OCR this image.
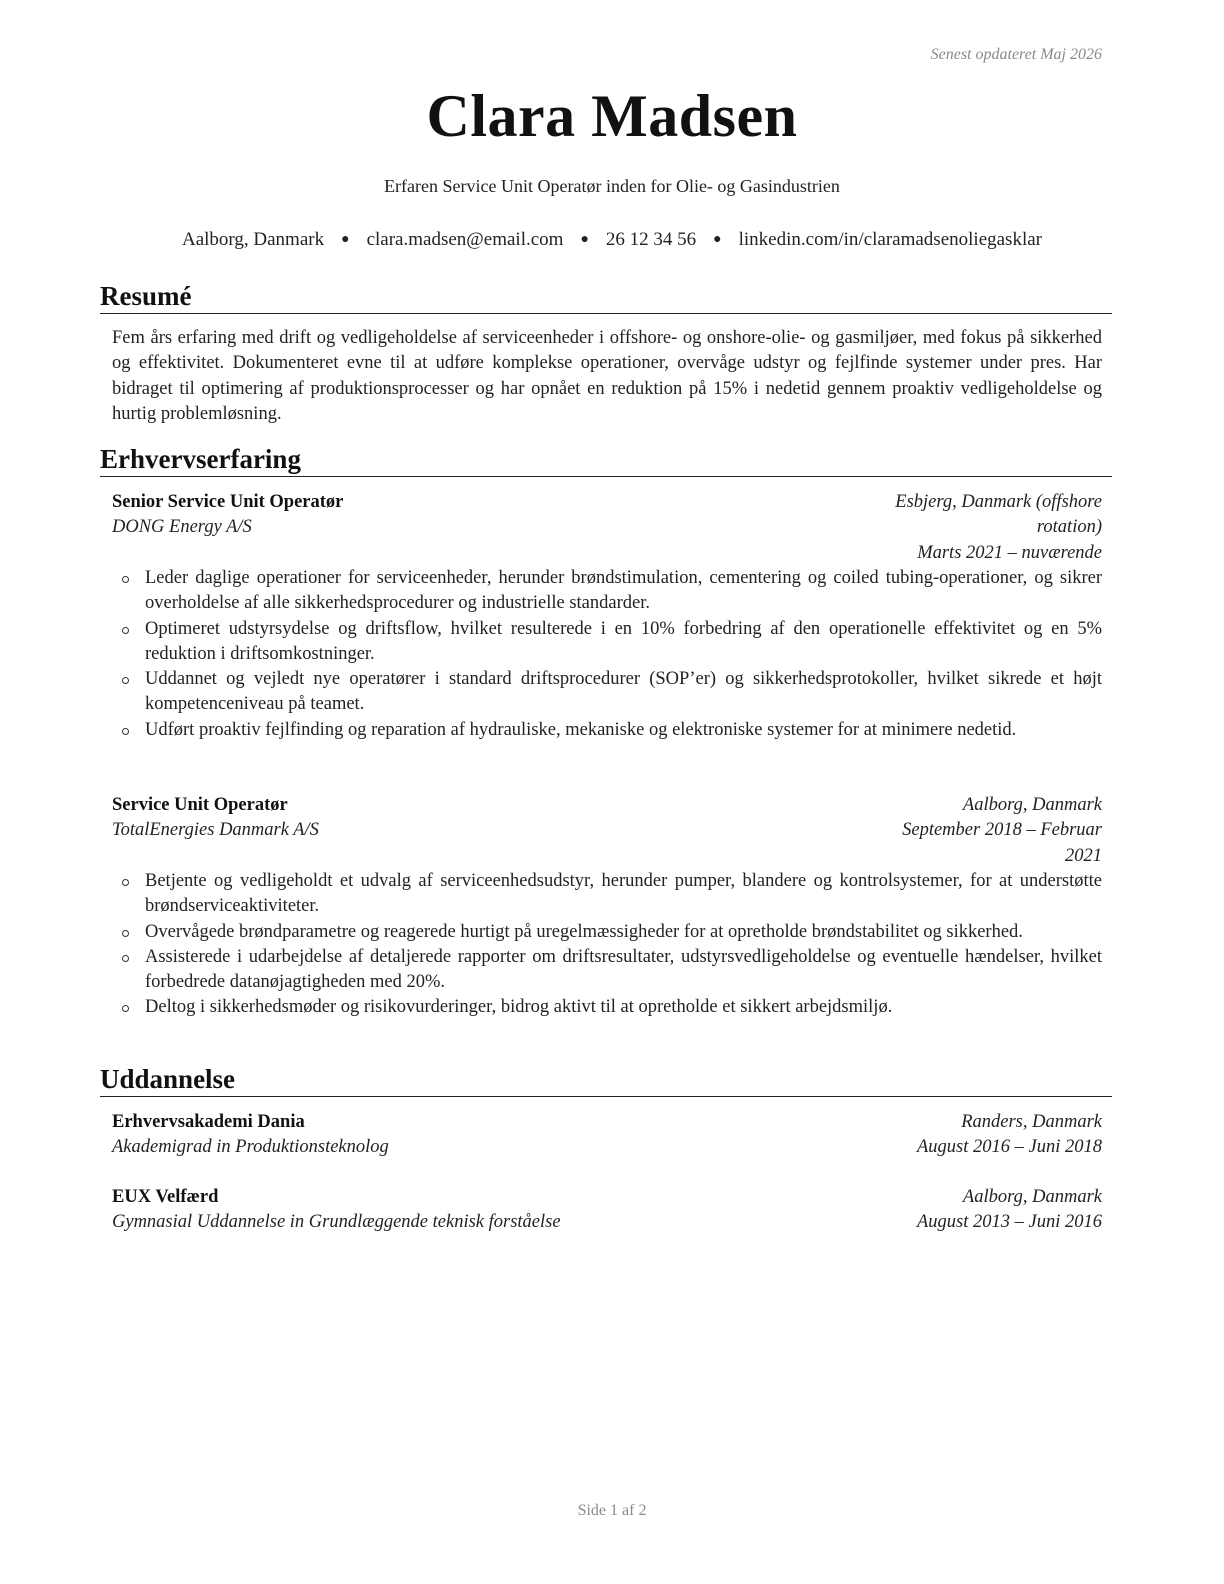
Senest opdateret Maj 2026
Clara Madsen
Erfaren Service Unit Operatør inden for Olie- og Gasindustrien
Aalborg, Danmark ● clara.madsen@email.com ● 26 12 34 56 ● linkedin.com/in/claramadsenoliegasklar
Resumé
Fem års erfaring med drift og vedligeholdelse af serviceenheder i offshore- og onshore-olie- og gasmiljøer, med fokus på sikkerhed og effektivitet. Dokumenteret evne til at udføre komplekse operationer, overvåge udstyr og fejlfinde systemer under pres. Har bidraget til optimering af produktionsprocesser og har opnået en reduktion på 15% i nedetid gennem proaktiv vedligeholdelse og hurtig problemløsning.
Erhvervserfaring
Senior Service Unit Operatør
DONG Energy A/S
Esbjerg, Danmark (offshore
rotation)
Marts 2021 – nuværende
Leder daglige operationer for serviceenheder, herunder brøndstimulation, cementering og coiled tubing-operationer, og sikrer overholdelse af alle sikkerhedsprocedurer og industrielle standarder.
Optimeret udstyrsydelse og driftsflow, hvilket resulterede i en 10% forbedring af den operationelle effektivitet og en 5% reduktion i driftsomkostninger.
Uddannet og vejledt nye operatører i standard driftsprocedurer (SOP’er) og sikkerhedsprotokoller, hvilket sikrede et højt kompetenceniveau på teamet.
Udført proaktiv fejlfinding og reparation af hydrauliske, mekaniske og elektroniske systemer for at minimere nedetid.
Service Unit Operatør
TotalEnergies Danmark A/S
Aalborg, Danmark
September 2018 – Februar
2021
Betjente og vedligeholdt et udvalg af serviceenhedsudstyr, herunder pumper, blandere og kontrolsystemer, for at understøtte brøndserviceaktiviteter.
Overvågede brøndparametre og reagerede hurtigt på uregelmæssigheder for at opretholde brøndstabilitet og sikkerhed.
Assisterede i udarbejdelse af detaljerede rapporter om driftsresultater, udstyrsvedligeholdelse og eventuelle hændelser, hvilket forbedrede datanøjagtigheden med 20%.
Deltog i sikkerhedsmøder og risikovurderinger, bidrog aktivt til at opretholde et sikkert arbejdsmiljø.
Uddannelse
Erhvervsakademi Dania
Akademigrad in Produktionsteknolog
Randers, Danmark
August 2016 – Juni 2018
EUX Velfærd
Gymnasial Uddannelse in Grundlæggende teknisk forståelse
Aalborg, Danmark
August 2013 – Juni 2016
Side 1 af 2
